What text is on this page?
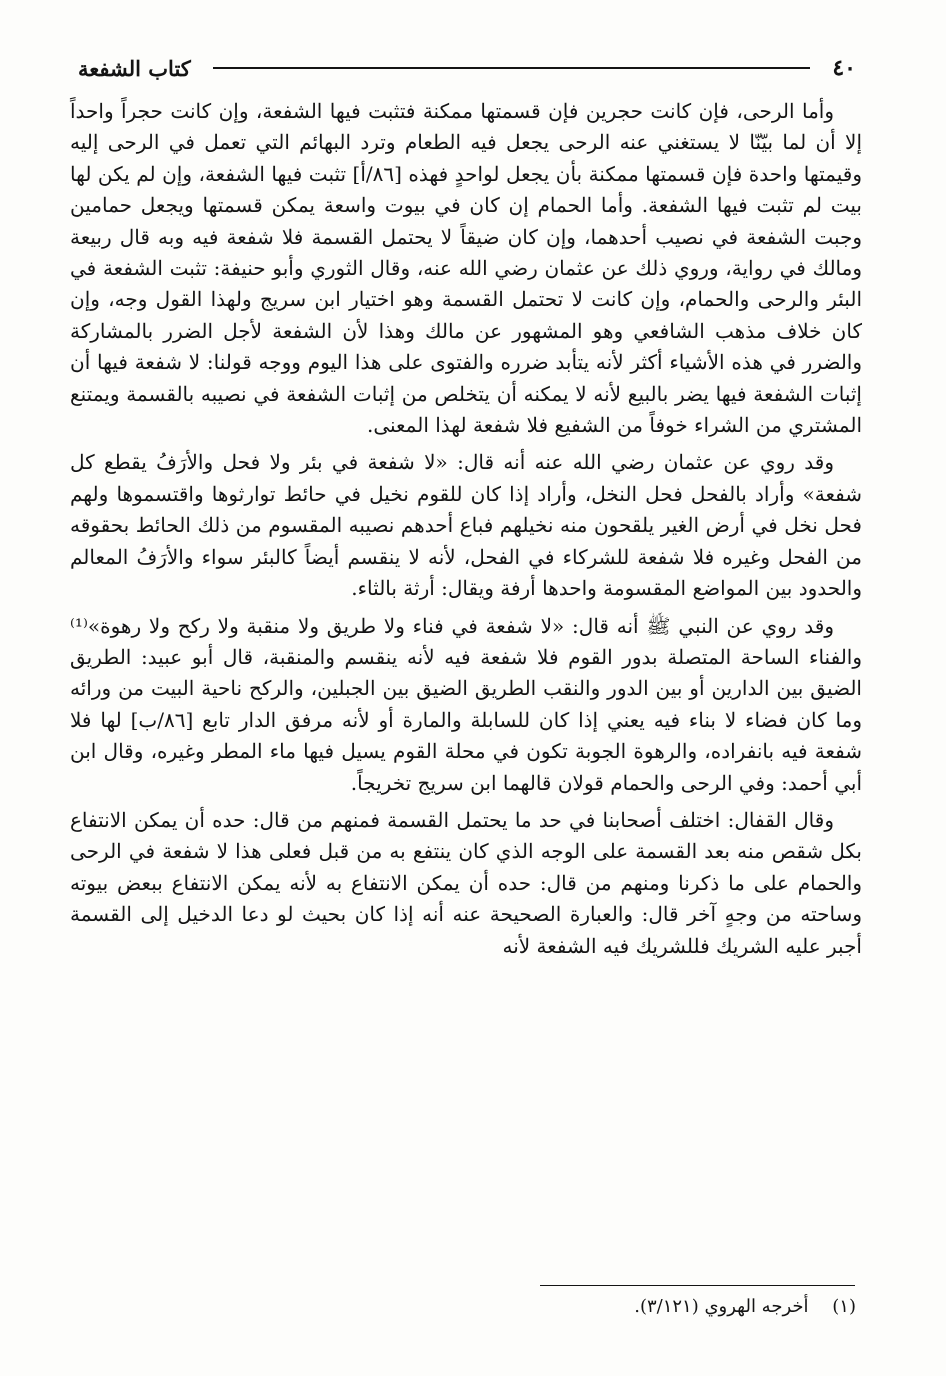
٤٠
كتاب الشفعة

وأما الرحى، فإن كانت حجرين فإن قسمتها ممكنة فتثبت فيها الشفعة، وإن كانت حجراً واحداً إلا أن لما بيّنّا لا يستغني عنه الرحى يجعل فيه الطعام وترد البهائم التي تعمل في الرحى إليه وقيمتها واحدة فإن قسمتها ممكنة بأن يجعل لواحدٍ فهذه [٨٦/أ] تثبت فيها الشفعة، وإن لم يكن لها بيت لم تثبت فيها الشفعة. وأما الحمام إن كان في بيوت واسعة يمكن قسمتها ويجعل حمامين وجبت الشفعة في نصيب أحدهما، وإن كان ضيقاً لا يحتمل القسمة فلا شفعة فيه وبه قال ربيعة ومالك في رواية، وروي ذلك عن عثمان رضي الله عنه، وقال الثوري وأبو حنيفة: تثبت الشفعة في البئر والرحى والحمام، وإن كانت لا تحتمل القسمة وهو اختيار ابن سريج ولهذا القول وجه، وإن كان خلاف مذهب الشافعي وهو المشهور عن مالك وهذا لأن الشفعة لأجل الضرر بالمشاركة والضرر في هذه الأشياء أكثر لأنه يتأبد ضرره والفتوى على هذا اليوم ووجه قولنا: لا شفعة فيها أن إثبات الشفعة فيها يضر بالبيع لأنه لا يمكنه أن يتخلص من إثبات الشفعة في نصيبه بالقسمة ويمتنع المشتري من الشراء خوفاً من الشفيع فلا شفعة لهذا المعنى.

وقد روي عن عثمان رضي الله عنه أنه قال: «لا شفعة في بئر ولا فحل والأرَفُ يقطع كل شفعة» وأراد بالفحل فحل النخل، وأراد إذا كان للقوم نخيل في حائط توارثوها واقتسموها ولهم فحل نخل في أرض الغير يلقحون منه نخيلهم فباع أحدهم نصيبه المقسوم من ذلك الحائط بحقوقه من الفحل وغيره فلا شفعة للشركاء في الفحل، لأنه لا ينقسم أيضاً كالبئر سواء والأرَفُ المعالم والحدود بين المواضع المقسومة واحدها أرفة ويقال: أرثة بالثاء.

وقد روي عن النبي ﷺ أنه قال: «لا شفعة في فناء ولا طريق ولا منقبة ولا ركح ولا رهوة»⁽¹⁾ والفناء الساحة المتصلة بدور القوم فلا شفعة فيه لأنه ينقسم والمنقبة، قال أبو عبيد: الطريق الضيق بين الدارين أو بين الدور والنقب الطريق الضيق بين الجبلين، والركح ناحية البيت من ورائه وما كان فضاء لا بناء فيه يعني إذا كان للسابلة والمارة أو لأنه مرفق الدار تابع [٨٦/ب] لها فلا شفعة فيه بانفراده، والرهوة الجوبة تكون في محلة القوم يسيل فيها ماء المطر وغيره، وقال ابن أبي أحمد: وفي الرحى والحمام قولان قالهما ابن سريج تخريجاً.

وقال القفال: اختلف أصحابنا في حد ما يحتمل القسمة فمنهم من قال: حده أن يمكن الانتفاع بكل شقص منه بعد القسمة على الوجه الذي كان ينتفع به من قبل فعلى هذا لا شفعة في الرحى والحمام على ما ذكرنا ومنهم من قال: حده أن يمكن الانتفاع به لأنه يمكن الانتفاع ببعض بيوته وساحته من وجهٍ آخر قال: والعبارة الصحيحة عنه أنه إذا كان بحيث لو دعا الدخيل إلى القسمة أجبر عليه الشريك فللشريك فيه الشفعة لأنه

(١) أخرجه الهروي (٣/١٢١).
